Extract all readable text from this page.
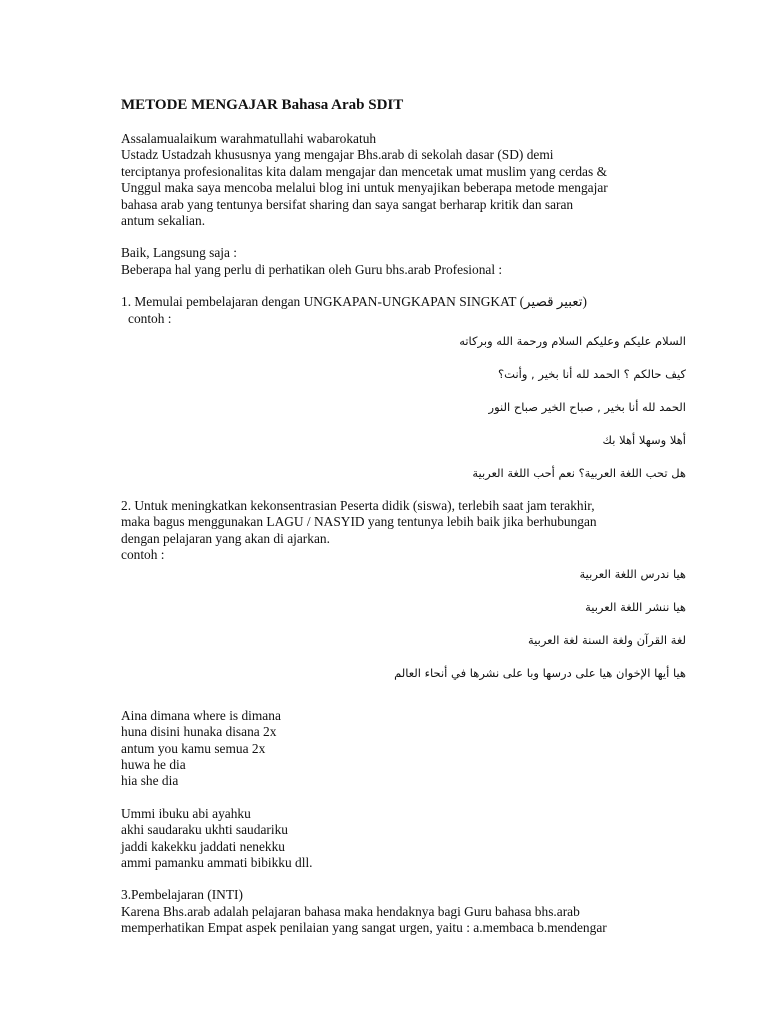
METODE MENGAJAR Bahasa Arab SDIT
Assalamualaikum warahmatullahi wabarokatuh
Ustadz Ustadzah khususnya yang mengajar Bhs.arab di sekolah dasar (SD) demi
terciptanya profesionalitas kita dalam mengajar dan mencetak umat muslim yang cerdas &
Unggul maka saya mencoba melalui blog ini untuk menyajikan beberapa metode mengajar
bahasa arab yang tentunya bersifat sharing dan saya sangat berharap kritik dan saran
antum sekalian.
Baik, Langsung saja :
Beberapa hal yang perlu di perhatikan oleh Guru bhs.arab Profesional :
1. Memulai pembelajaran dengan UNGKAPAN-UNGKAPAN SINGKAT (تعبير قصير)
contoh :
السلام عليكم وعليكم السلام ورحمة الله وبركاته
كيف حالكم ؟ الحمد لله أنا بخير , وأنت؟
الحمد لله أنا بخير , صباح الخير صباح النور
أهلا وسهلا أهلا بك
هل تحب اللغة العربية؟ نعم أحب اللغة العربية
2. Untuk meningkatkan kekonsentrasian Peserta didik (siswa), terlebih saat jam terakhir,
maka bagus menggunakan LAGU / NASYID yang tentunya lebih baik jika berhubungan
dengan pelajaran yang akan di ajarkan.
contoh :
هيا ندرس اللغة العربية
هيا ننشر اللغة العربية
لغة القرآن ولغة السنة لغة العربية
هيا أيها الإخوان هيا على درسها وبا على نشرها في أنحاء العالم
Aina dimana where is dimana
huna disini hunaka disana 2x
antum you kamu semua 2x
huwa he dia
hia she dia
Ummi ibuku abi ayahku
akhi saudaraku ukhti saudariku
jaddi kakekku jaddati nenekku
ammi pamanku ammati bibikku dll.
3.Pembelajaran (INTI)
Karena Bhs.arab adalah pelajaran bahasa maka hendaknya bagi Guru bahasa bhs.arab
memperhatikan Empat aspek penilaian yang sangat urgen, yaitu : a.membaca b.mendengar
